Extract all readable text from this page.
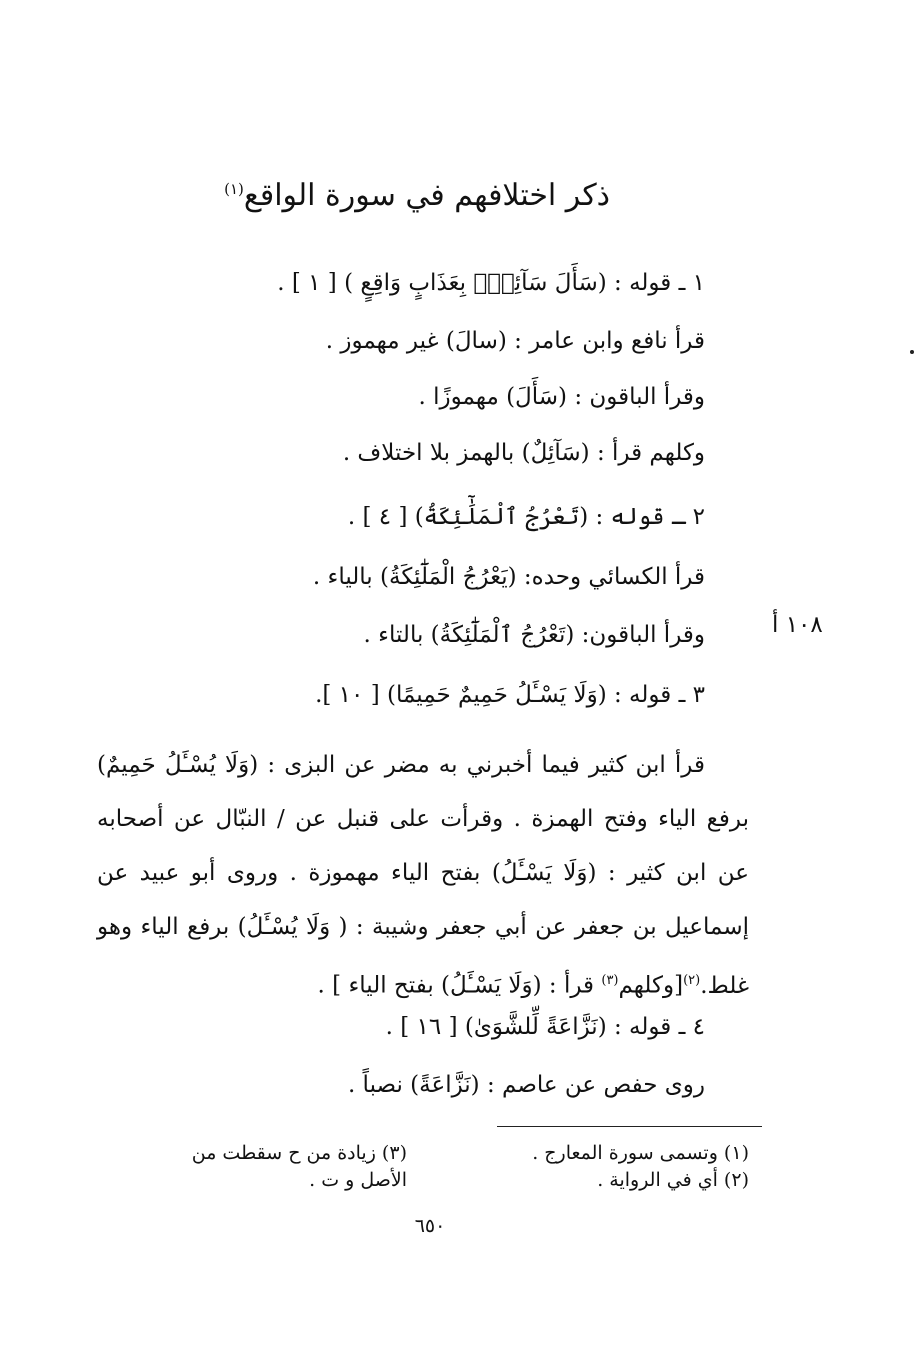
ذكر اختلافهم في سورة الواقع$^{(١)}$
١ ـ قوله : (سَأَلَ سَآئِلُۢ بِعَذَابٍ وَاقِعٍ ) [ ١ ] .
قرأ نافع وابن عامر : (سالَ) غير مهموز .
وقرأ الباقون : (سَأَلَ) مهموزًا .
وكلهم قرأ : (سَآئِلٌ) بالهمز بلا اختلاف .
٢ ـ قوله : (تَعْرُجُ ٱلْمَلَٰٓئِكَةُ) [ ٤ ] .
قرأ الكسائي وحده: (يَعْرُجُ الْمَلَٰٓئِكَةُ) بالياء .
وقرأ الباقون: (تَعْرُجُ ٱلْمَلَٰٓئِكَةُ) بالتاء .
٣ ـ قوله : (وَلَا يَسْـَٔلُ حَمِيمٌ حَمِيمًا) [ ١٠ ].
١٠٨ أ
قرأ ابن كثير فيما أخبرني به مضر عن البزى : (وَلَا يُسْـَٔلُ حَمِيمٌ) برفع الياء وفتح الهمزة . وقرأت على قنبل عن / النبّال عن أصحابه عن ابن كثير : (وَلَا يَسْـَٔلُ) بفتح الياء مهموزة . وروى أبو عبيد عن إسماعيل بن جعفر عن أبي جعفر وشيبة : ( وَلَا يُسْـَٔلُ) برفع الياء وهو غلط.$^{(٢)}$[وكلهم$^{(٣)}$ قرأ : (وَلَا يَسْـَٔلُ) بفتح الياء ] .
٤ ـ قوله : (نَزَّاعَةً لِّلشَّوَىٰ) [ ١٦ ] .
روى حفص عن عاصم : (نَزَّاعَةً) نصباً .
(١) وتسمى سورة المعارج .
(٢) أي في الرواية .
(٣) زيادة من ح سقطت من
الأصل و ت .
٦٥٠
